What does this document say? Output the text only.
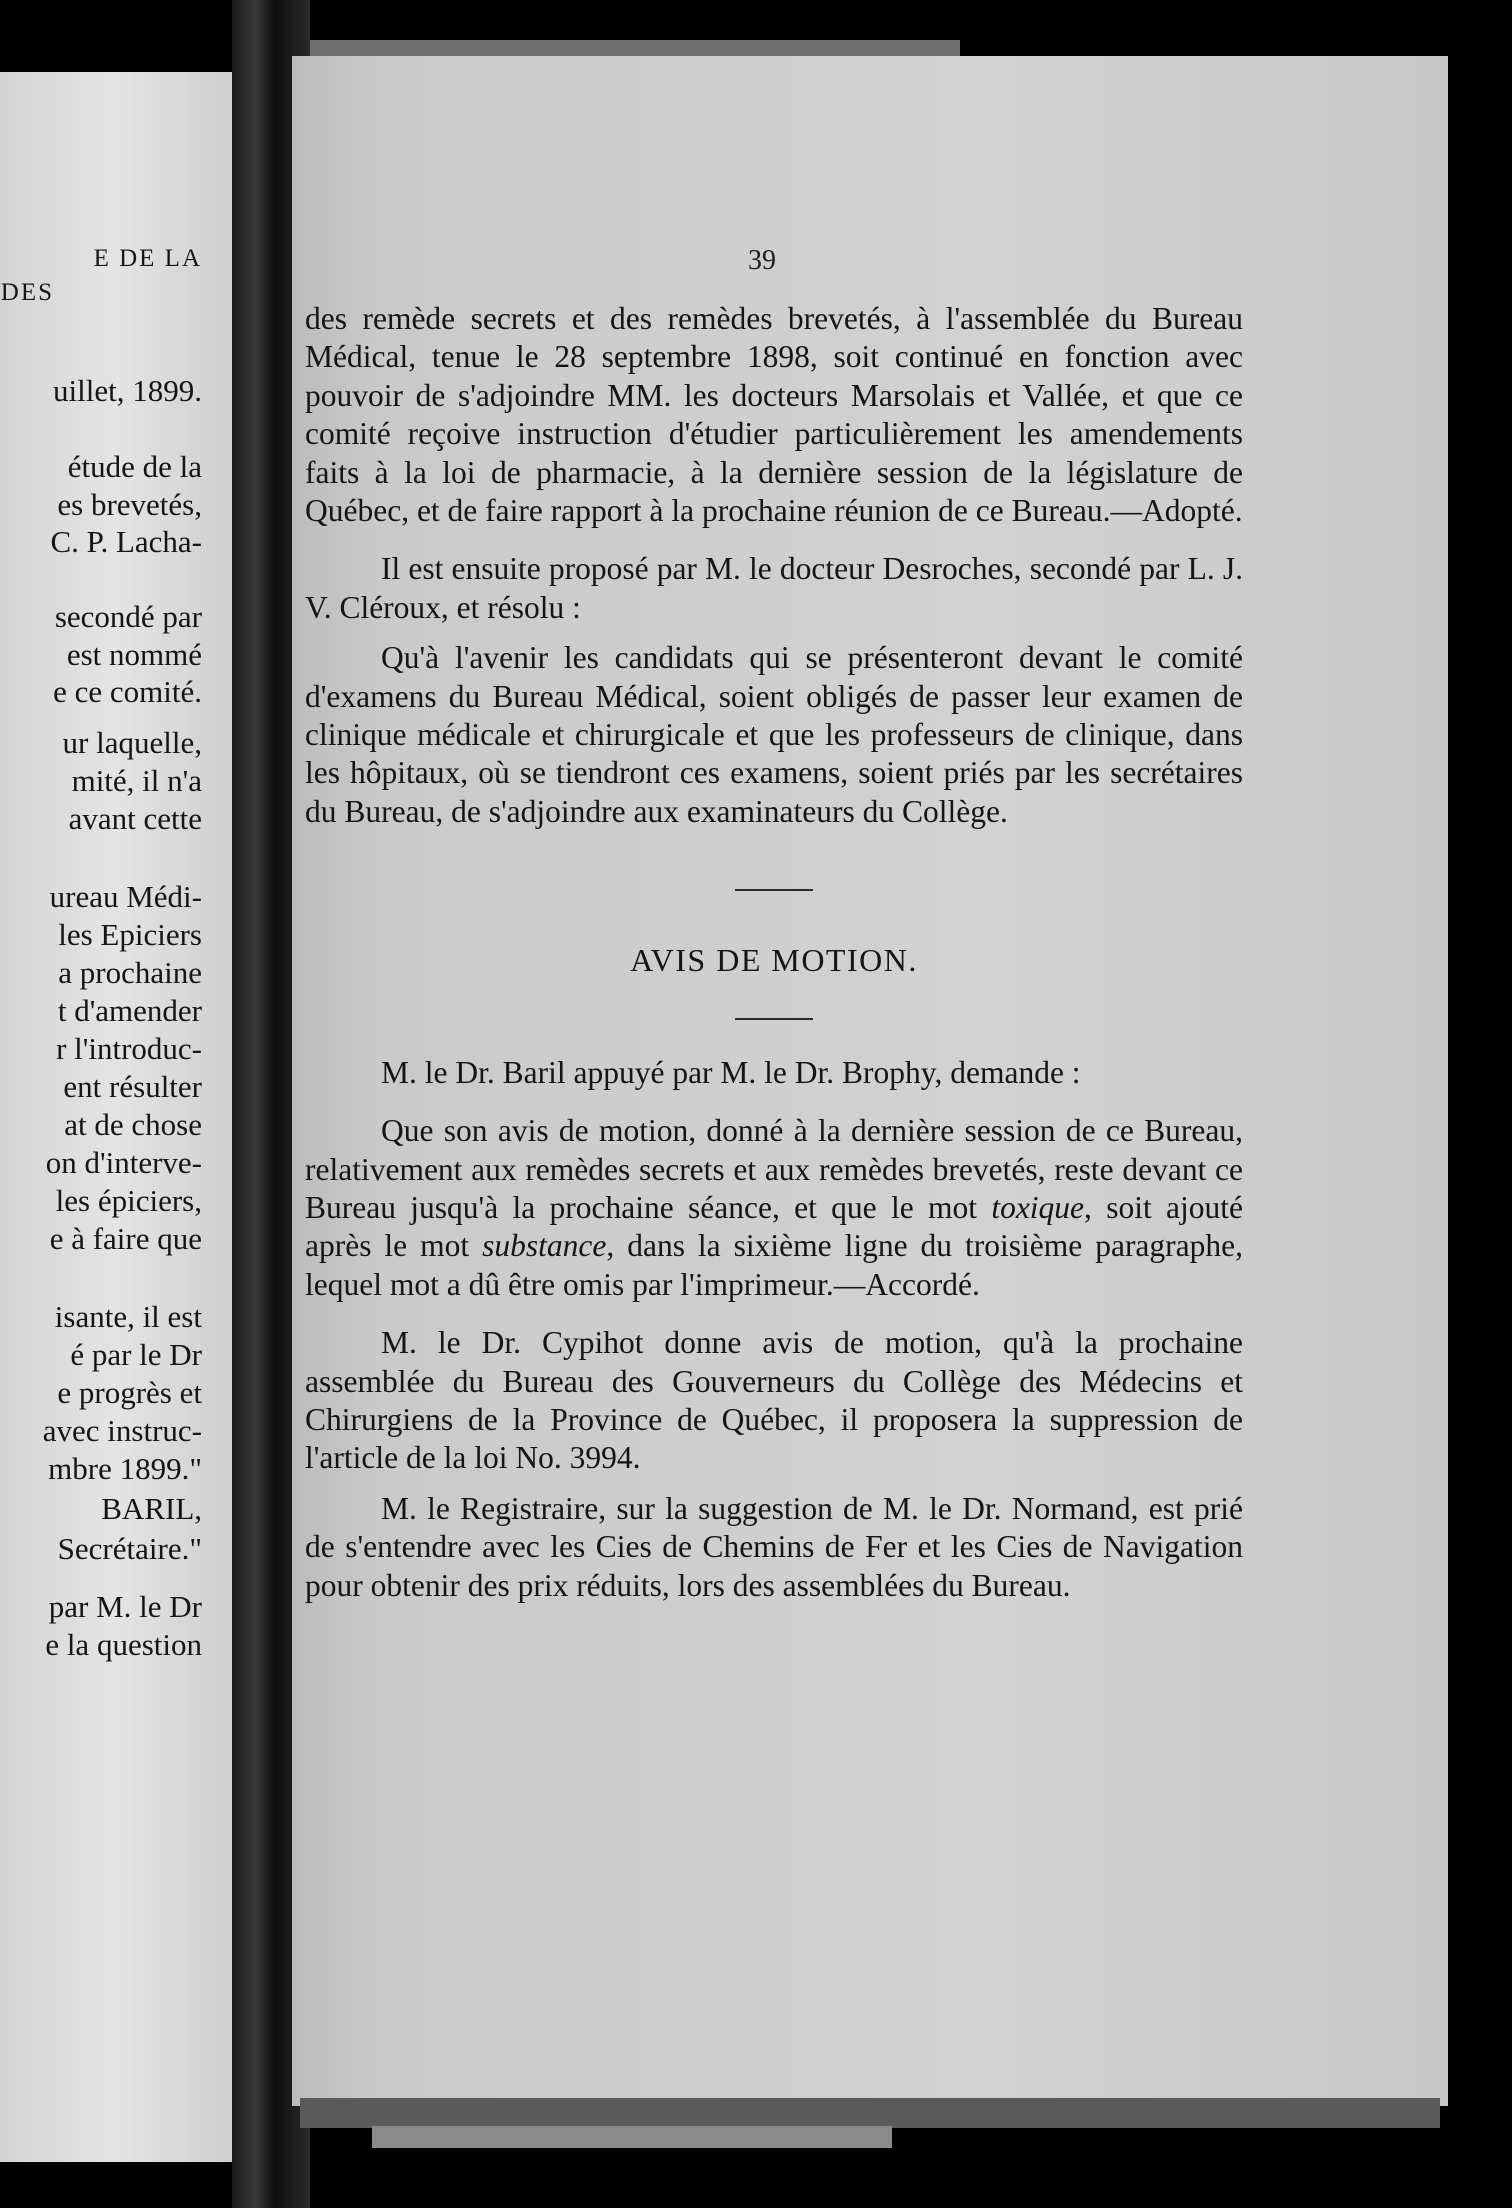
E DE LA
DES
uillet, 1899.
étude de la
es brevetés,
C. P. Lacha-
secondé par
est nommé
e ce comité.
ur laquelle,
mité, il n'a
avant cette
ureau Médi-
les Epiciers
a prochaine
t d'amender
r l'introduc-
ent résulter
at de chose
on d'interve-
les épiciers,
e à faire que
isante, il est
é par le Dr
e progrès et
avec instruc-
mbre 1899."
BARIL,
Secrétaire."
par M. le Dr
e la question
39

des remède secrets et des remèdes brevetés, à l'assemblée du Bureau Médical, tenue le 28 septembre 1898, soit continué en fonction avec pouvoir de s'adjoindre MM. les docteurs Marsolais et Vallée, et que ce comité reçoive instruction d'étudier particulièrement les amendements faits à la loi de pharmacie, à la dernière session de la législature de Québec, et de faire rapport à la prochaine réunion de ce Bureau.—Adopté.

Il est ensuite proposé par M. le docteur Desroches, secondé par L. J. V. Cléroux, et résolu :

Qu'à l'avenir les candidats qui se présenteront devant le comité d'examens du Bureau Médical, soient obligés de passer leur examen de clinique médicale et chirurgicale et que les professeurs de clinique, dans les hôpitaux, où se tiendront ces examens, soient priés par les secrétaires du Bureau, de s'adjoindre aux examinateurs du Collège.

AVIS DE MOTION.

M. le Dr. Baril appuyé par M. le Dr. Brophy, demande :

Que son avis de motion, donné à la dernière session de ce Bureau, relativement aux remèdes secrets et aux remèdes brevetés, reste devant ce Bureau jusqu'à la prochaine séance, et que le mot toxique, soit ajouté après le mot substance, dans la sixième ligne du troisième paragraphe, lequel mot a dû être omis par l'imprimeur.—Accordé.

M. le Dr. Cypihot donne avis de motion, qu'à la prochaine assemblée du Bureau des Gouverneurs du Collège des Médecins et Chirurgiens de la Province de Québec, il proposera la suppression de l'article de la loi No. 3994.

M. le Registraire, sur la suggestion de M. le Dr. Normand, est prié de s'entendre avec les Cies de Chemins de Fer et les Cies de Navigation pour obtenir des prix réduits, lors des assemblées du Bureau.
